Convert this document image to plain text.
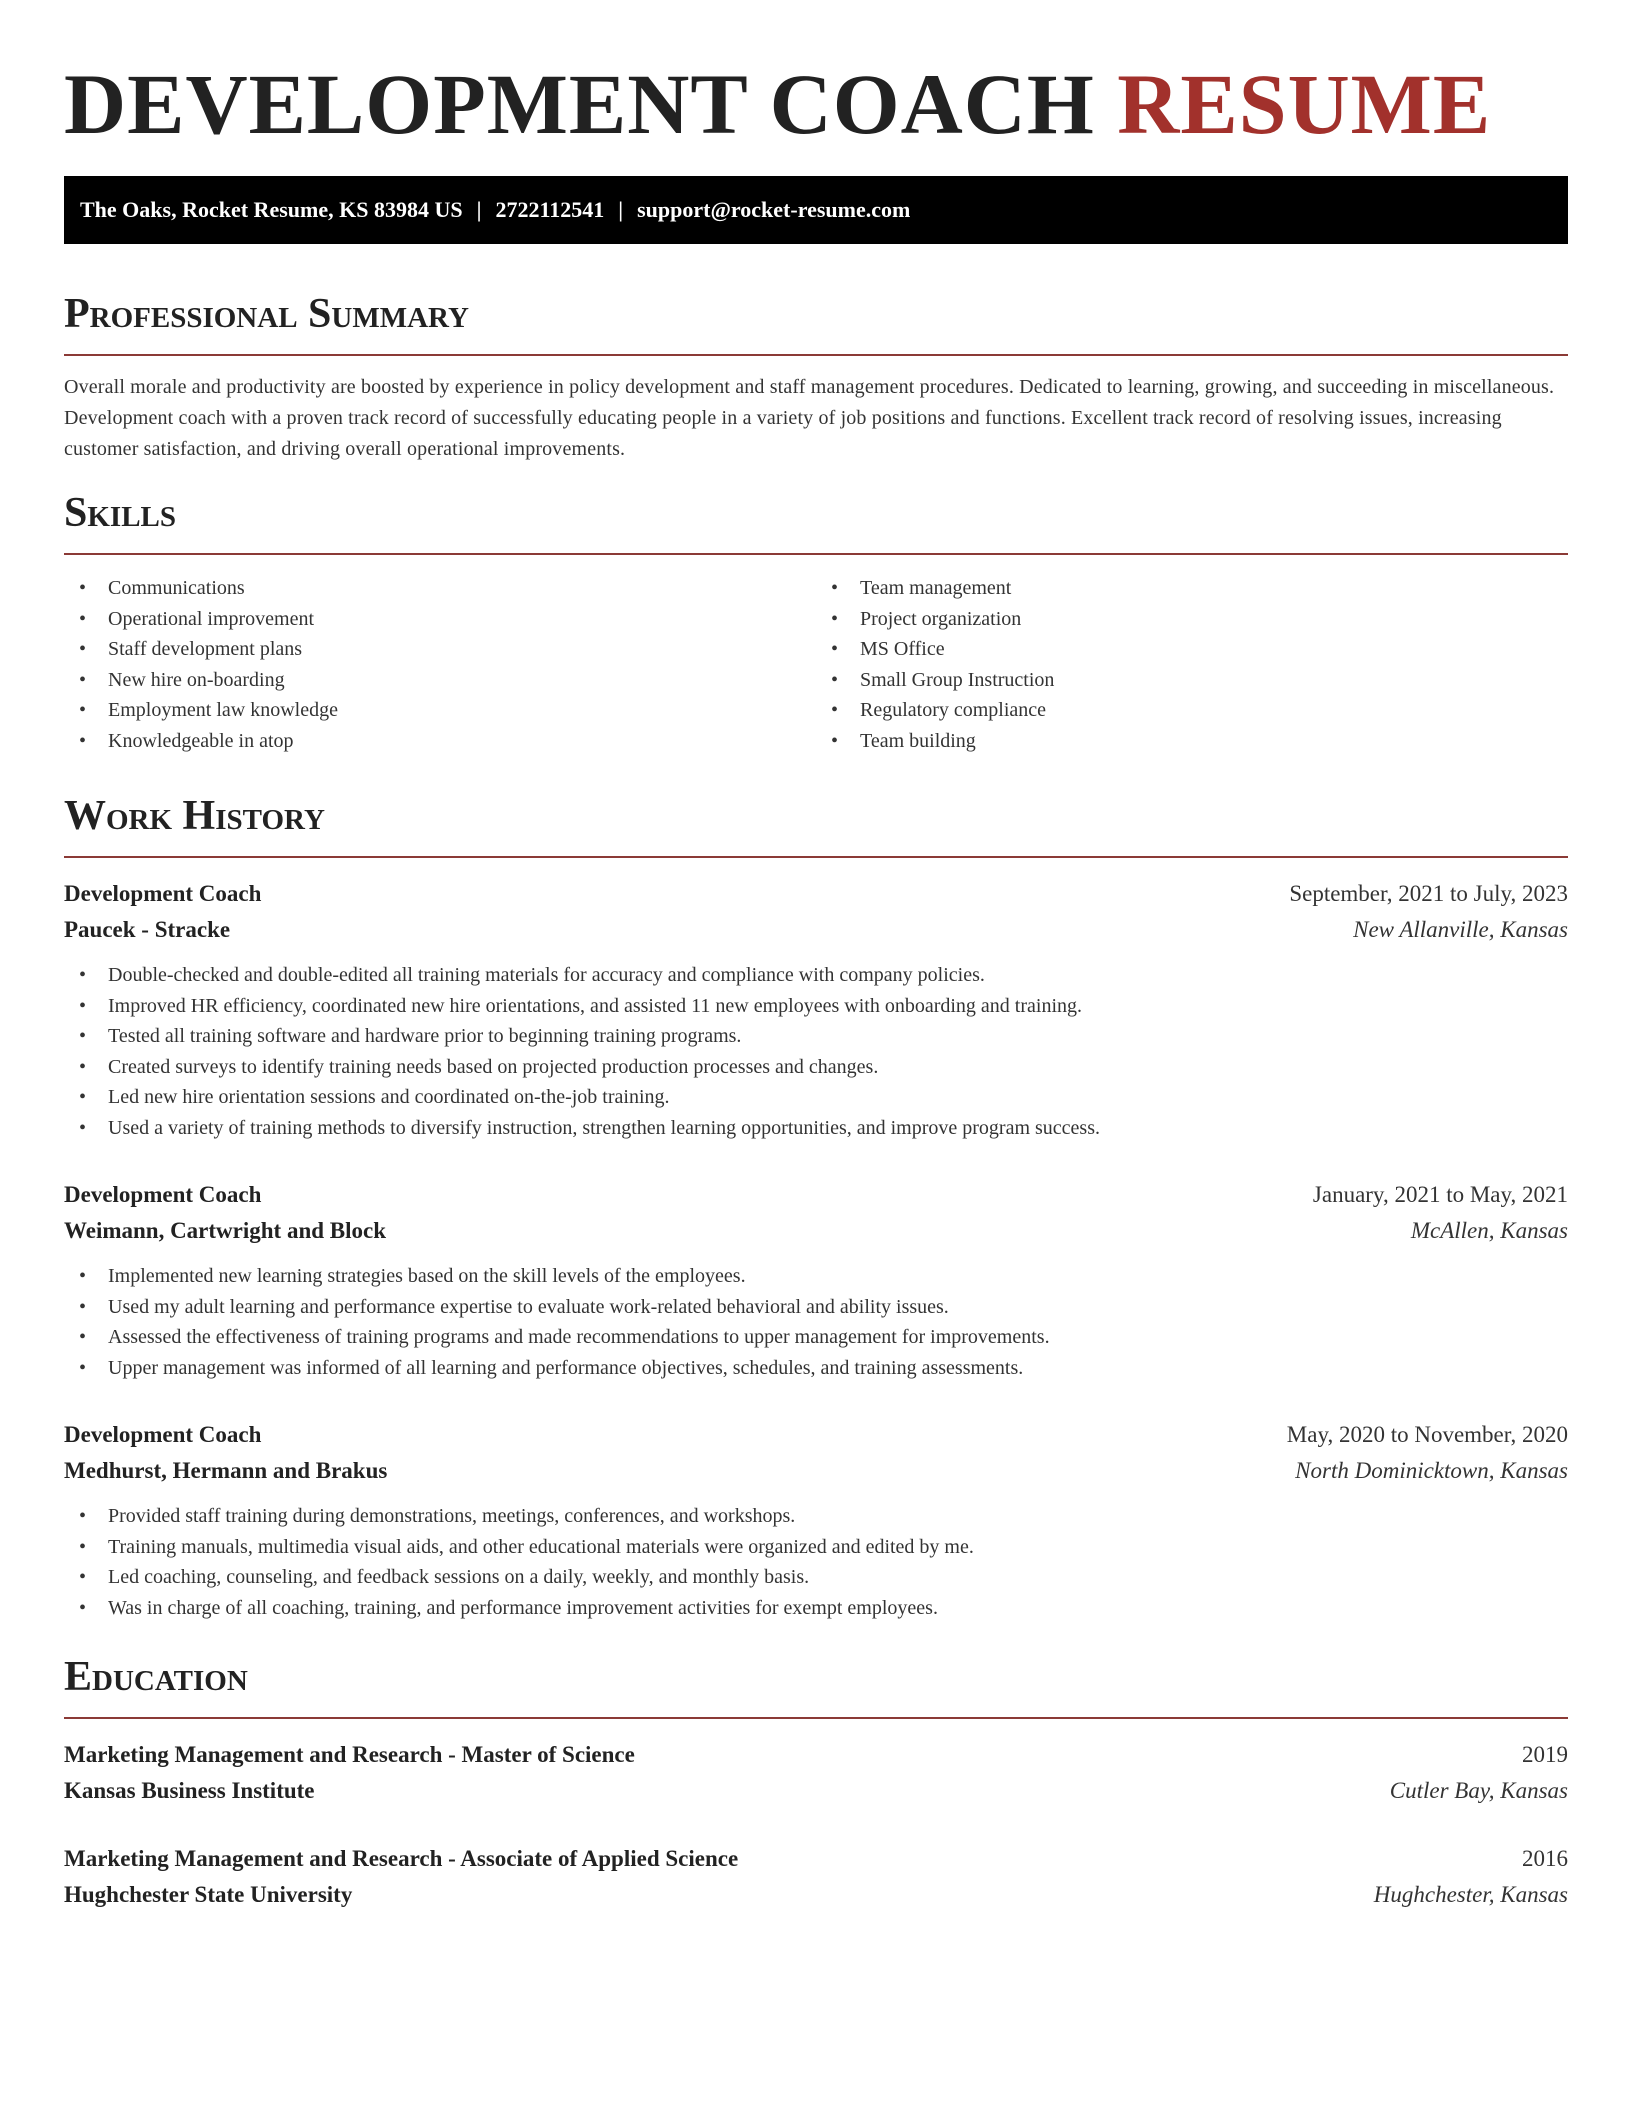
DEVELOPMENT COACH RESUME
The Oaks, Rocket Resume, KS 83984 US | 2722112541 | support@rocket-resume.com
Professional Summary

Overall morale and productivity are boosted by experience in policy development and staff management procedures. Dedicated to learning, growing, and succeeding in miscellaneous. Development coach with a proven track record of successfully educating people in a variety of job positions and functions. Excellent track record of resolving issues, increasing customer satisfaction, and driving overall operational improvements.

Skills
• Communications
• Operational improvement
• Staff development plans
• New hire on-boarding
• Employment law knowledge
• Knowledgeable in atop
• Team management
• Project organization
• MS Office
• Small Group Instruction
• Regulatory compliance
• Team building
Work History
Development Coach	September, 2021 to July, 2023
Paucek - Stracke	New Allanville, Kansas
• Double-checked and double-edited all training materials for accuracy and compliance with company policies.
• Improved HR efficiency, coordinated new hire orientations, and assisted 11 new employees with onboarding and training.
• Tested all training software and hardware prior to beginning training programs.
• Created surveys to identify training needs based on projected production processes and changes.
• Led new hire orientation sessions and coordinated on-the-job training.
• Used a variety of training methods to diversify instruction, strengthen learning opportunities, and improve program success.
Development Coach	January, 2021 to May, 2021
Weimann, Cartwright and Block	McAllen, Kansas
• Implemented new learning strategies based on the skill levels of the employees.
• Used my adult learning and performance expertise to evaluate work-related behavioral and ability issues.
• Assessed the effectiveness of training programs and made recommendations to upper management for improvements.
• Upper management was informed of all learning and performance objectives, schedules, and training assessments.
Development Coach	May, 2020 to November, 2020
Medhurst, Hermann and Brakus	North Dominicktown, Kansas
• Provided staff training during demonstrations, meetings, conferences, and workshops.
• Training manuals, multimedia visual aids, and other educational materials were organized and edited by me.
• Led coaching, counseling, and feedback sessions on a daily, weekly, and monthly basis.
• Was in charge of all coaching, training, and performance improvement activities for exempt employees.
Education
Marketing Management and Research - Master of Science	2019
Kansas Business Institute	Cutler Bay, Kansas
Marketing Management and Research - Associate of Applied Science	2016
Hughchester State University	Hughchester, Kansas
